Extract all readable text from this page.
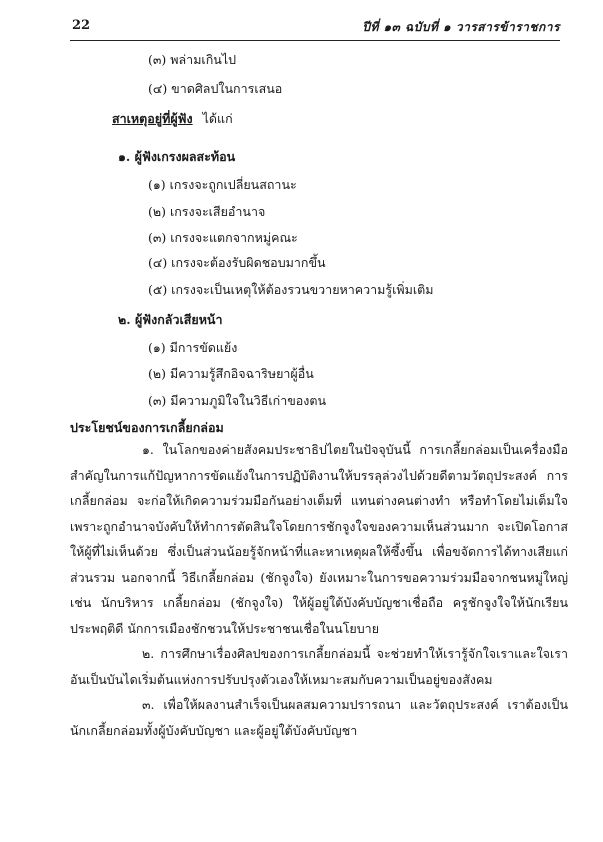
22	ปีที่ ๑๓ ฉบับที่ ๑ วารสารข้าราชการ
(๓) พล่ามเกินไป
(๔) ขาดศิลปในการเสนอ
สาเหตุอยู่ที่ผู้ฟัง ได้แก่
๑. ผู้ฟังเกรงผลสะท้อน
(๑) เกรงจะถูกเปลี่ยนสถานะ
(๒) เกรงจะเสียอำนาจ
(๓) เกรงจะแตกจากหมู่คณะ
(๔) เกรงจะต้องรับผิดชอบมากขึ้น
(๕) เกรงจะเป็นเหตุให้ต้องรวนขวายหาความรู้เพิ่มเติม
๒. ผู้ฟังกลัวเสียหน้า
(๑) มีการขัดแย้ง
(๒) มีความรู้สึกอิจฉาริษยาผู้อื่น
(๓) มีความภูมิใจในวิธีเก่าของตน
ประโยชน์ของการเกลี้ยกล่อม

๑. ในโลกของค่ายสังคมประชาธิปไตยในปัจจุบันนี้ การเกลี้ยกล่อมเป็นเครื่องมือสำคัญในการแก้ปัญหาการขัดแย้งในการปฏิบัติงานให้บรรลุล่วงไปด้วยดีตามวัตถุประสงค์ การเกลี้ยกล่อม จะก่อให้เกิดความร่วมมือกันอย่างเต็มที่ แทนต่างคนต่างทำ หรือทำโดยไม่เต็มใจเพราะถูกอำนาจบังคับให้ทำการตัดสินใจโดยการชักจูงใจของความเห็นส่วนมาก จะเปิดโอกาสให้ผู้ที่ไม่เห็นด้วย ซึ่งเป็นส่วนน้อยรู้จักหน้าที่และหาเหตุผลให้ซึ้งขึ้น เพื่อขจัดการได้ทางเสียแก่ส่วนรวม นอกจากนี้ วิธีเกลี้ยกล่อม (ชักจูงใจ) ยังเหมาะในการขอความร่วมมือจากชนหมู่ใหญ่ เช่น นักบริหาร เกลี้ยกล่อม (ชักจูงใจ) ให้ผู้อยู่ใต้บังคับบัญชาเชื่อถือ ครูชักจูงใจให้นักเรียนประพฤติดี นักการเมืองชักชวนให้ประชาชนเชื่อในนโยบาย

๒. การศึกษาเรื่องศิลปของการเกลี้ยกล่อมนี้ จะช่วยทำให้เรารู้จักใจเราและใจเราอันเป็นบันไดเริ่มต้นแห่งการปรับปรุงตัวเองให้เหมาะสมกับความเป็นอยู่ของสังคม

๓. เพื่อให้ผลงานสำเร็จเป็นผลสมความปรารถนา และวัตถุประสงค์ เราต้องเป็นนักเกลี้ยกล่อมทั้งผู้บังคับบัญชา และผู้อยู่ใต้บังคับบัญชา
